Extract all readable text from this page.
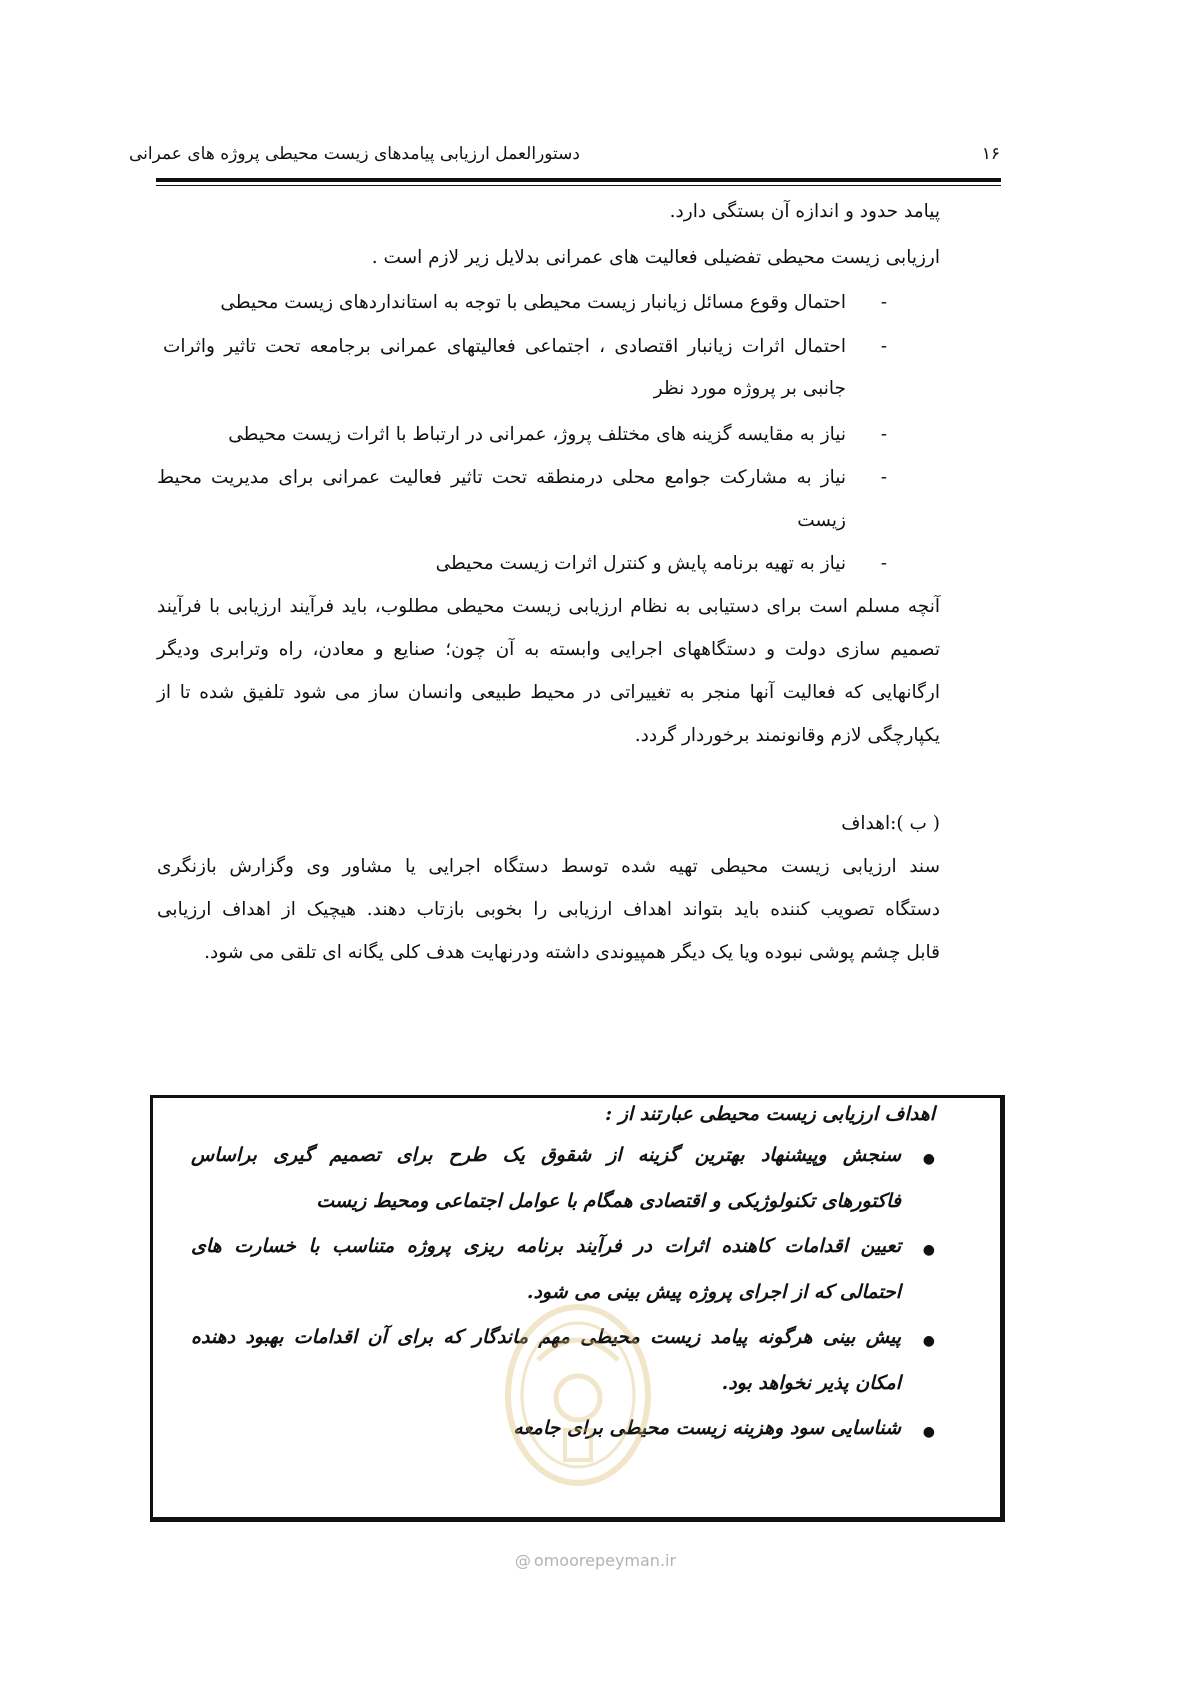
۱۶
دستورالعمل ارزیابی پیامدهای زیست محیطی پروژه های عمرانی
پیامد حدود و اندازه آن بستگی دارد.
ارزیابی زیست محیطی تفضیلی فعالیت های عمرانی بدلایل زیر لازم است .
-
احتمال وقوع مسائل زیانبار زیست محیطی با توجه به استانداردهای زیست محیطی
-
احتمال اثرات زیانبار اقتصادی ، اجتماعی فعالیتهای عمرانی برجامعه تحت تاثیر واثرات
جانبی بر پروژه مورد نظر
-
نیاز به مقایسه گزینه های مختلف پروژ، عمرانی در ارتباط با اثرات زیست محیطی
-
نیاز به مشارکت جوامع محلی درمنطقه تحت تاثیر فعالیت عمرانی برای مدیریت محیط
زیست
-
نیاز به تهیه برنامه پایش و کنترل اثرات زیست محیطی
آنچه مسلم است برای دستیابی به نظام ارزیابی زیست محیطی مطلوب، باید فرآیند ارزیابی با فرآیند
تصمیم سازی دولت و دستگاههای اجرایی وابسته به آن چون؛ صنایع و معادن، راه وترابری ودیگر
ارگانهایی که فعالیت آنها منجر به تغییراتی در محیط طبیعی وانسان ساز می شود تلفیق شده تا از
یکپارچگی لازم وقانونمند برخوردار گردد.
( ب ):اهداف
سند ارزیابی زیست محیطی تهیه شده توسط دستگاه اجرایی یا مشاور وی وگزارش بازنگری
دستگاه تصویب کننده باید بتواند اهداف ارزیابی را بخوبی بازتاب دهند. هیچیک از اهداف ارزیابی
قابل چشم پوشی نبوده ویا یک دیگر همپیوندی داشته ودرنهایت هدف کلی یگانه ای تلقی می شود.
اهداف ارزیابی زیست محیطی عبارتند از :
●
سنجش وپیشنهاد بهترین گزینه از شقوق یک طرح برای تصمیم گیری براساس
فاکتورهای تکنولوژیکی و اقتصادی همگام با عوامل اجتماعی ومحیط زیست
●
تعیین اقدامات کاهنده اثرات در فرآیند برنامه ریزی پروژه متناسب با خسارت های
احتمالی که از اجرای پروژه پیش بینی می شود.
●
پیش بینی هرگونه پیامد زیست محیطی مهم ماندگار که برای آن اقدامات بهبود دهنده
امکان پذیر نخواهد بود.
●
شناسایی سود وهزینه زیست محیطی برای جامعه
@ omoorepeyman.ir
